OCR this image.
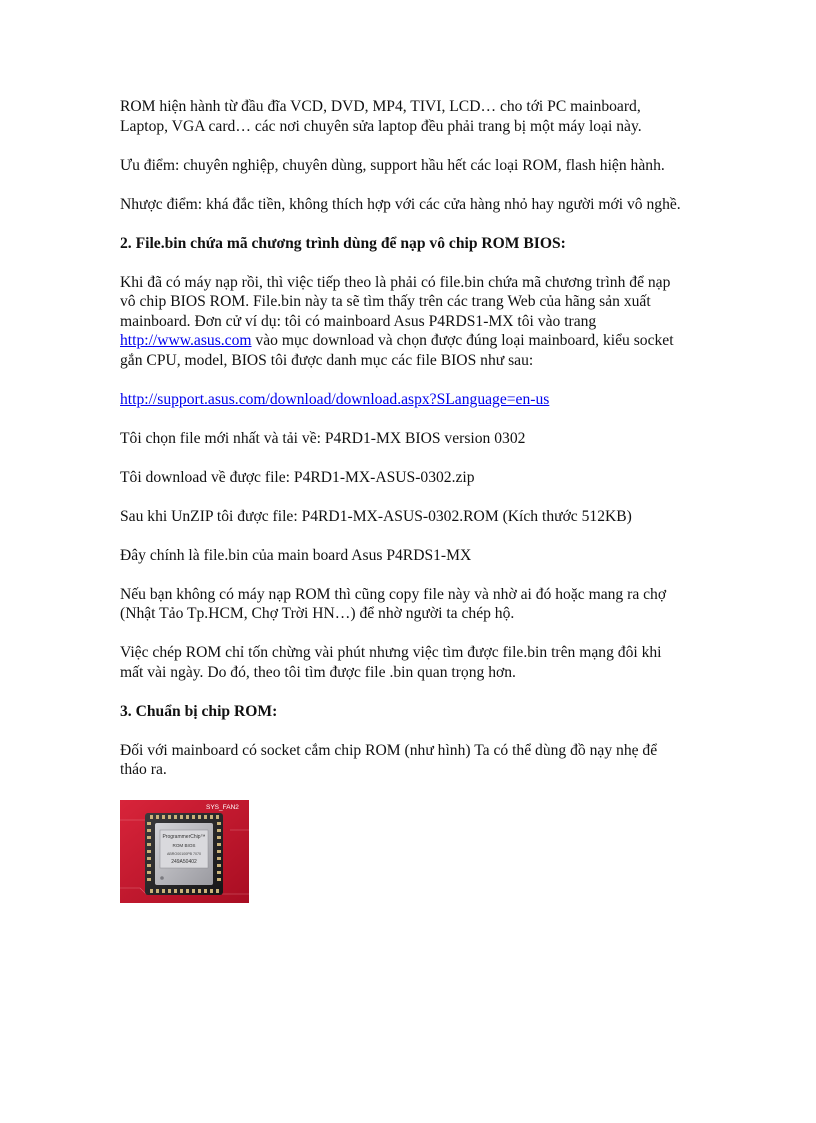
ROM hiện hành từ đầu đĩa VCD, DVD, MP4, TIVI, LCD… cho tới PC mainboard,
Laptop, VGA card… các nơi chuyên sửa laptop đều phải trang bị một máy loại này.

Ưu điểm: chuyên nghiệp, chuyên dùng, support hầu hết các loại ROM, flash hiện hành.

Nhược điểm: khá đắc tiền, không thích hợp với các cửa hàng nhỏ hay người mới vô nghề.

2. File.bin chứa mã chương trình dùng để nạp vô chip ROM BIOS:

Khi đã có máy nạp rồi, thì việc tiếp theo là phải có file.bin chứa mã chương trình để nạp
vô chip BIOS ROM. File.bin này ta sẽ tìm thấy trên các trang Web của hãng sản xuất
mainboard. Đơn cử ví dụ: tôi có mainboard Asus P4RDS1-MX tôi vào trang
http://www.asus.com vào mục download và chọn được đúng loại mainboard, kiểu socket
gắn CPU, model, BIOS tôi được danh mục các file BIOS như sau:

http://support.asus.com/download/download.aspx?SLanguage=en-us

Tôi chọn file mới nhất và tải về: P4RD1-MX BIOS version 0302

Tôi download về được file: P4RD1-MX-ASUS-0302.zip

Sau khi UnZIP tôi được file: P4RD1-MX-ASUS-0302.ROM (Kích thước 512KB)

Đây chính là file.bin của main board Asus P4RDS1-MX

Nếu bạn không có máy nạp ROM thì cũng copy file này và nhờ ai đó hoặc mang ra chợ
(Nhật Tảo Tp.HCM, Chợ Trời HN…) để nhờ người ta chép hộ.

Việc chép ROM chỉ tốn chừng vài phút nhưng việc tìm được file.bin trên mạng đôi khi
mất vài ngày. Do đó, theo tôi tìm được file .bin quan trọng hơn.

3. Chuẩn bị chip ROM:

Đối với mainboard có socket cắm chip ROM (như hình) Ta có thể dùng đồ nạy nhẹ để
tháo ra.

SYS_FAN2
ProgrammerChip™
ROM BIOS
ABRO00100PB 7070
249A50402
